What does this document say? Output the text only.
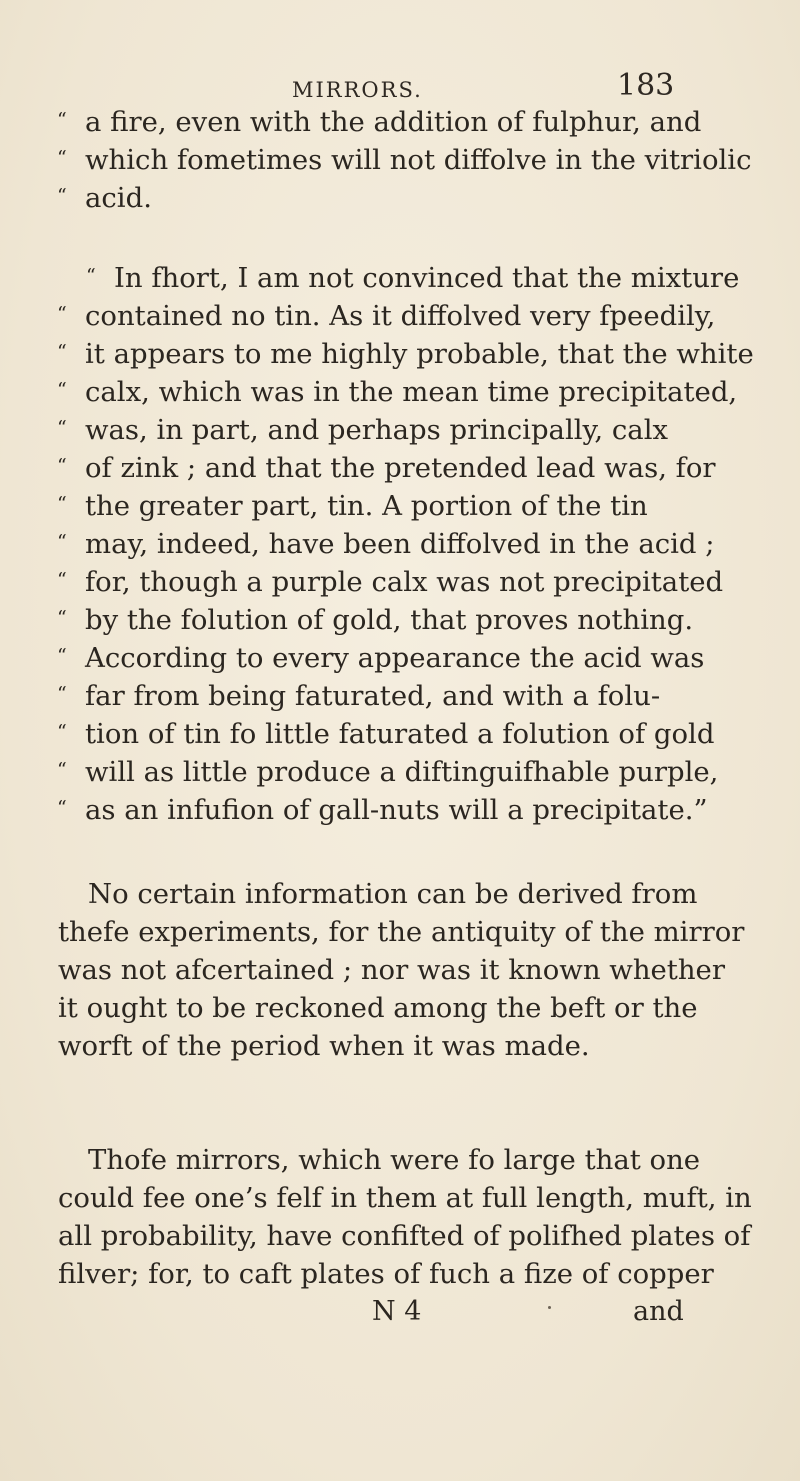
MIRRORS.	183
“ a fire, even with the addition of fulphur, and
“ which fometimes will not diffolve in the vitriolic
“ acid.
“ In fhort, I am not convinced that the mixture
“ contained no tin. As it diffolved very fpeedily,
“ it appears to me highly probable, that the white
“ calx, which was in the mean time precipitated,
“ was, in part, and perhaps principally, calx
“ of zink ; and that the pretended lead was, for
“ the greater part, tin. A portion of the tin
“ may, indeed, have been diffolved in the acid ;
“ for, though a purple calx was not precipitated
“ by the folution of gold, that proves nothing.
“ According to every appearance the acid was
“ far from being faturated, and with a folu-
“ tion of tin fo little faturated a folution of gold
“ will as little produce a diftinguifhable purple,
“ as an infufion of gall-nuts will a precipitate.”
No certain information can be derived from
thefe experiments, for the antiquity of the mirror
was not afcertained ; nor was it known whether
it ought to be reckoned among the beft or the
worft of the period when it was made.
Thofe mirrors, which were fo large that one
could fee one’s felf in them at full length, muft, in
all probability, have confifted of polifhed plates of
filver; for, to caft plates of fuch a fize of copper
N 4	and
